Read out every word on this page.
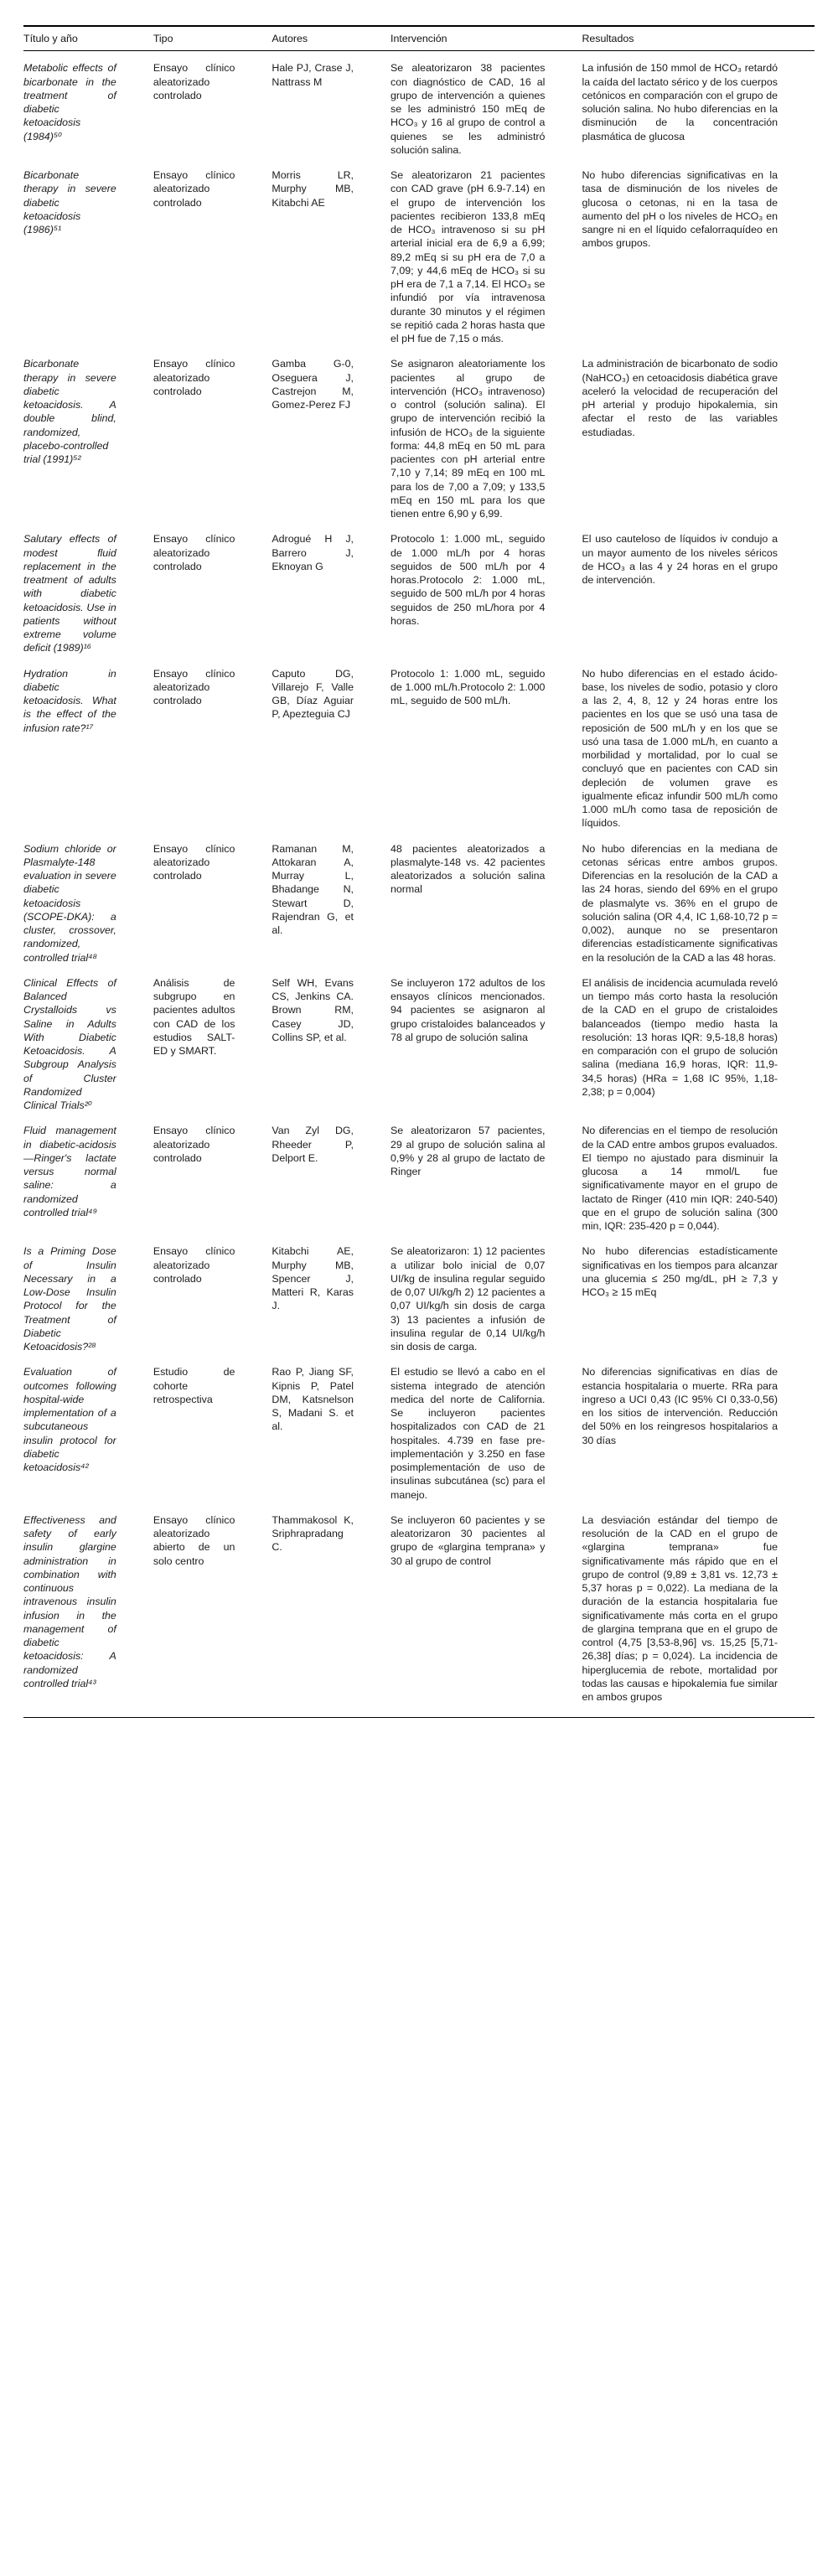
Título y año	Tipo	Autores	Intervención	Resultados
Metabolic effects of bicarbonate in the treatment of diabetic ketoacidosis (1984)⁵⁰	Ensayo clínico aleatorizado controlado	Hale PJ, Crase J, Nattrass M	Se aleatorizaron 38 pacientes con diagnóstico de CAD, 16 al grupo de intervención a quienes se les administró 150 mEq de HCO₃ y 16 al grupo de control a quienes se les administró solución salina.	La infusión de 150 mmol de HCO₃ retardó la caída del lactato sérico y de los cuerpos cetónicos en comparación con el grupo de solución salina. No hubo diferencias en la disminución de la concentración plasmática de glucosa
Bicarbonate therapy in severe diabetic ketoacidosis (1986)⁵¹	Ensayo clínico aleatorizado controlado	Morris LR, Murphy MB, Kitabchi AE	Se aleatorizaron 21 pacientes con CAD grave (pH 6.9-7.14) en el grupo de intervención los pacientes recibieron 133,8 mEq de HCO₃ intravenoso si su pH arterial inicial era de 6,9 a 6,99; 89,2 mEq si su pH era de 7,0 a 7,09; y 44,6 mEq de HCO₃ si su pH era de 7,1 a 7,14. El HCO₃ se infundió por vía intravenosa durante 30 minutos y el régimen se repitió cada 2 horas hasta que el pH fue de 7,15 o más.	No hubo diferencias significativas en la tasa de disminución de los niveles de glucosa o cetonas, ni en la tasa de aumento del pH o los niveles de HCO₃ en sangre ni en el líquido cefalorraquídeo en ambos grupos.
Bicarbonate therapy in severe diabetic ketoacidosis. A double blind, randomized, placebo-controlled trial (1991)⁵²	Ensayo clínico aleatorizado controlado	Gamba G-0, Oseguera J, Castrejon M, Gomez-Perez FJ	Se asignaron aleatoriamente los pacientes al grupo de intervención (HCO₃ intravenoso) o control (solución salina). El grupo de intervención recibió la infusión de HCO₃ de la siguiente forma: 44,8 mEq en 50 mL para pacientes con pH arterial entre 7,10 y 7,14; 89 mEq en 100 mL para los de 7,00 a 7,09; y 133,5 mEq en 150 mL para los que tienen entre 6,90 y 6,99.	La administración de bicarbonato de sodio (NaHCO₃) en cetoacidosis diabética grave aceleró la velocidad de recuperación del pH arterial y produjo hipokalemia, sin afectar el resto de las variables estudiadas.
Salutary effects of modest fluid replacement in the treatment of adults with diabetic ketoacidosis. Use in patients without extreme volume deficit (1989)¹⁶	Ensayo clínico aleatorizado controlado	Adrogué H J, Barrero J, Eknoyan G	Protocolo 1: 1.000 mL, seguido de 1.000 mL/h por 4 horas seguidos de 500 mL/h por 4 horas.Protocolo 2: 1.000 mL, seguido de 500 mL/h por 4 horas seguidos de 250 mL/hora por 4 horas.	El uso cauteloso de líquidos iv condujo a un mayor aumento de los niveles séricos de HCO₃ a las 4 y 24 horas en el grupo de intervención.
Hydration in diabetic ketoacidosis. What is the effect of the infusion rate?¹⁷	Ensayo clínico aleatorizado controlado	Caputo DG, Villarejo F, Valle GB, Díaz Aguiar P, Apezteguia CJ	Protocolo 1: 1.000 mL, seguido de 1.000 mL/h.Protocolo 2: 1.000 mL, seguido de 500 mL/h.	No hubo diferencias en el estado ácido-base, los niveles de sodio, potasio y cloro a las 2, 4, 8, 12 y 24 horas entre los pacientes en los que se usó una tasa de reposición de 500 mL/h y en los que se usó una tasa de 1.000 mL/h, en cuanto a morbilidad y mortalidad, por lo cual se concluyó que en pacientes con CAD sin depleción de volumen grave es igualmente eficaz infundir 500 mL/h como 1.000 mL/h como tasa de reposición de líquidos.
Sodium chloride or Plasmalyte-148 evaluation in severe diabetic ketoacidosis (SCOPE-DKA): a cluster, crossover, randomized, controlled trial⁴⁸	Ensayo clínico aleatorizado controlado	Ramanan M, Attokaran A, Murray L, Bhadange N, Stewart D, Rajendran G, et al.	48 pacientes aleatorizados a plasmalyte-148 vs. 42 pacientes aleatorizados a solución salina normal	No hubo diferencias en la mediana de cetonas séricas entre ambos grupos. Diferencias en la resolución de la CAD a las 24 horas, siendo del 69% en el grupo de plasmalyte vs. 36% en el grupo de solución salina (OR 4,4, IC 1,68-10,72 p = 0,002), aunque no se presentaron diferencias estadísticamente significativas en la resolución de la CAD a las 48 horas.
Clinical Effects of Balanced Crystalloids vs Saline in Adults With Diabetic Ketoacidosis. A Subgroup Analysis of Cluster Randomized Clinical Trials²⁰	Análisis de subgrupo en pacientes adultos con CAD de los estudios SALT-ED y SMART.	Self WH, Evans CS, Jenkins CA. Brown RM, Casey JD, Collins SP, et al.	Se incluyeron 172 adultos de los ensayos clínicos mencionados. 94 pacientes se asignaron al grupo cristaloides balanceados y 78 al grupo de solución salina	El análisis de incidencia acumulada reveló un tiempo más corto hasta la resolución de la CAD en el grupo de cristaloides balanceados (tiempo medio hasta la resolución: 13 horas IQR: 9,5-18,8 horas) en comparación con el grupo de solución salina (mediana 16,9 horas, IQR: 11,9-34,5 horas) (HRa = 1,68 IC 95%, 1,18-2,38; p = 0,004)
Fluid management in diabetic-acidosis—Ringer's lactate versus normal saline: a randomized controlled trial⁴⁹	Ensayo clínico aleatorizado controlado	Van Zyl DG, Rheeder P, Delport E.	Se aleatorizaron 57 pacientes, 29 al grupo de solución salina al 0,9% y 28 al grupo de lactato de Ringer	No diferencias en el tiempo de resolución de la CAD entre ambos grupos evaluados. El tiempo no ajustado para disminuir la glucosa a 14 mmol/L fue significativamente mayor en el grupo de lactato de Ringer (410 min IQR: 240-540) que en el grupo de solución salina (300 min, IQR: 235-420 p = 0,044).
Is a Priming Dose of Insulin Necessary in a Low-Dose Insulin Protocol for the Treatment of Diabetic Ketoacidosis?²⁸	Ensayo clínico aleatorizado controlado	Kitabchi AE, Murphy MB, Spencer J, Matteri R, Karas J.	Se aleatorizaron: 1) 12 pacientes a utilizar bolo inicial de 0,07 UI/kg de insulina regular seguido de 0,07 UI/kg/h 2) 12 pacientes a 0,07 UI/kg/h sin dosis de carga 3) 13 pacientes a infusión de insulina regular de 0,14 UI/kg/h sin dosis de carga.	No hubo diferencias estadísticamente significativas en los tiempos para alcanzar una glucemia ≤ 250 mg/dL, pH ≥ 7,3 y HCO₃ ≥ 15 mEq
Evaluation of outcomes following hospital-wide implementation of a subcutaneous insulin protocol for diabetic ketoacidosis⁴²	Estudio de cohorte retrospectiva	Rao P, Jiang SF, Kipnis P, Patel DM, Katsnelson S, Madani S. et al.	El estudio se llevó a cabo en el sistema integrado de atención medica del norte de California. Se incluyeron pacientes hospitalizados con CAD de 21 hospitales. 4.739 en fase pre-implementación y 3.250 en fase posimplementación de uso de insulinas subcutánea (sc) para el manejo.	No diferencias significativas en días de estancia hospitalaria o muerte. RRa para ingreso a UCI 0,43 (IC 95% CI 0,33-0,56) en los sitios de intervención. Reducción del 50% en los reingresos hospitalarios a 30 días
Effectiveness and safety of early insulin glargine administration in combination with continuous intravenous insulin infusion in the management of diabetic ketoacidosis: A randomized controlled trial⁴³	Ensayo clínico aleatorizado abierto de un solo centro	Thammakosol K, Sriphrapradang C.	Se incluyeron 60 pacientes y se aleatorizaron 30 pacientes al grupo de «glargina temprana» y 30 al grupo de control	La desviación estándar del tiempo de resolución de la CAD en el grupo de «glargina temprana» fue significativamente más rápido que en el grupo de control (9,89 ± 3,81 vs. 12,73 ± 5,37 horas p = 0,022). La mediana de la duración de la estancia hospitalaria fue significativamente más corta en el grupo de glargina temprana que en el grupo de control (4,75 [3,53-8,96] vs. 15,25 [5,71-26,38] días; p = 0,024). La incidencia de hiperglucemia de rebote, mortalidad por todas las causas e hipokalemia fue similar en ambos grupos
